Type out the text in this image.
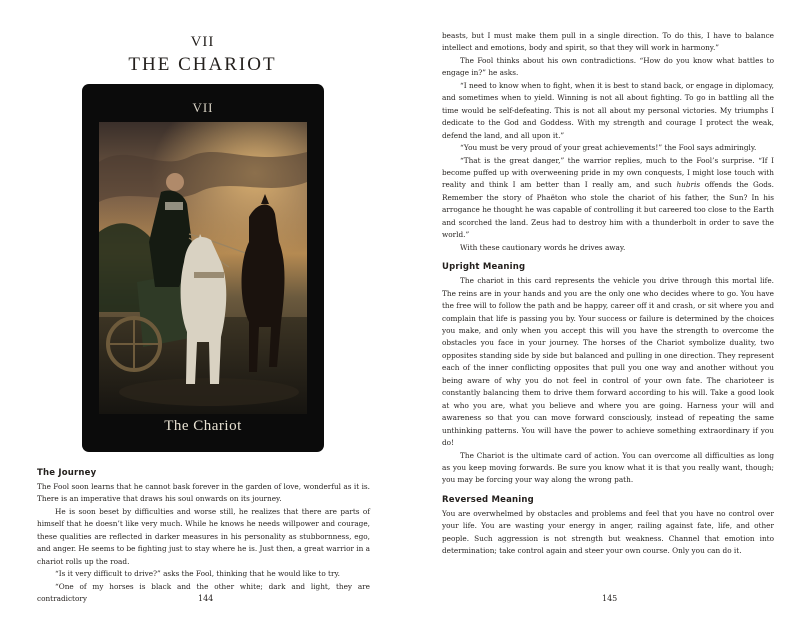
VII
THE CHARIOT
VII
The Chariot
The Journey

The Fool soon learns that he cannot bask forever in the garden of love, wonderful as it is. There is an imperative that draws his soul onwards on its journey.

He is soon beset by difficulties and worse still, he realizes that there are parts of himself that he doesn’t like very much. While he knows he needs willpower and courage, these qualities are reflected in darker measures in his personality as stubbornness, ego, and anger. He seems to be fighting just to stay where he is. Just then, a great warrior in a chariot rolls up the road.

“Is it very difficult to drive?” asks the Fool, thinking that he would like to try.

“One of my horses is black and the other white; dark and light, they are contradictory	144

beasts, but I must make them pull in a single direction. To do this, I have to balance intellect and emotions, body and spirit, so that they will work in harmony.”

The Fool thinks about his own contradictions. “How do you know what battles to engage in?” he asks.

“I need to know when to fight, when it is best to stand back, or engage in diplomacy, and sometimes when to yield. Winning is not all about fighting. To go in battling all the time would be self-defeating. This is not all about my personal victories. My triumphs I dedicate to the God and Goddess. With my strength and courage I protect the weak, defend the land, and all upon it.”

“You must be very proud of your great achievements!” the Fool says admiringly.

“That is the great danger,” the warrior replies, much to the Fool’s surprise. “If I become puffed up with overweening pride in my own conquests, I might lose touch with reality and think I am better than I really am, and such hubris offends the Gods. Remember the story of Phaëton who stole the chariot of his father, the Sun? In his arrogance he thought he was capable of controlling it but careered too close to the Earth and scorched the land. Zeus had to destroy him with a thunderbolt in order to save the world.”

With these cautionary words he drives away.

Upright Meaning

The chariot in this card represents the vehicle you drive through this mortal life. The reins are in your hands and you are the only one who decides where to go. You have the free will to follow the path and be happy, career off it and crash, or sit where you and complain that life is passing you by. Your success or failure is determined by the choices you make, and only when you accept this will you have the strength to overcome the obstacles you face in your journey. The horses of the Chariot symbolize duality, two opposites standing side by side but balanced and pulling in one direction. They represent each of the inner conflicting opposites that pull you one way and another without you being aware of why you do not feel in control of your own fate. The charioteer is constantly balancing them to drive them forward according to his will. Take a good look at who you are, what you believe and where you are going. Harness your will and awareness so that you can move forward consciously, instead of repeating the same unthinking patterns. You will have the power to achieve something extraordinary if you do!

The Chariot is the ultimate card of action. You can overcome all difficulties as long as you keep moving forwards. Be sure you know what it is that you really want, though; you may be forcing your way along the wrong path.

Reversed Meaning

You are overwhelmed by obstacles and problems and feel that you have no control over your life. You are wasting your energy in anger, railing against fate, life, and other people. Such aggression is not strength but weakness. Channel that emotion into determination; take control again and steer your own course. Only you can do it.

145
